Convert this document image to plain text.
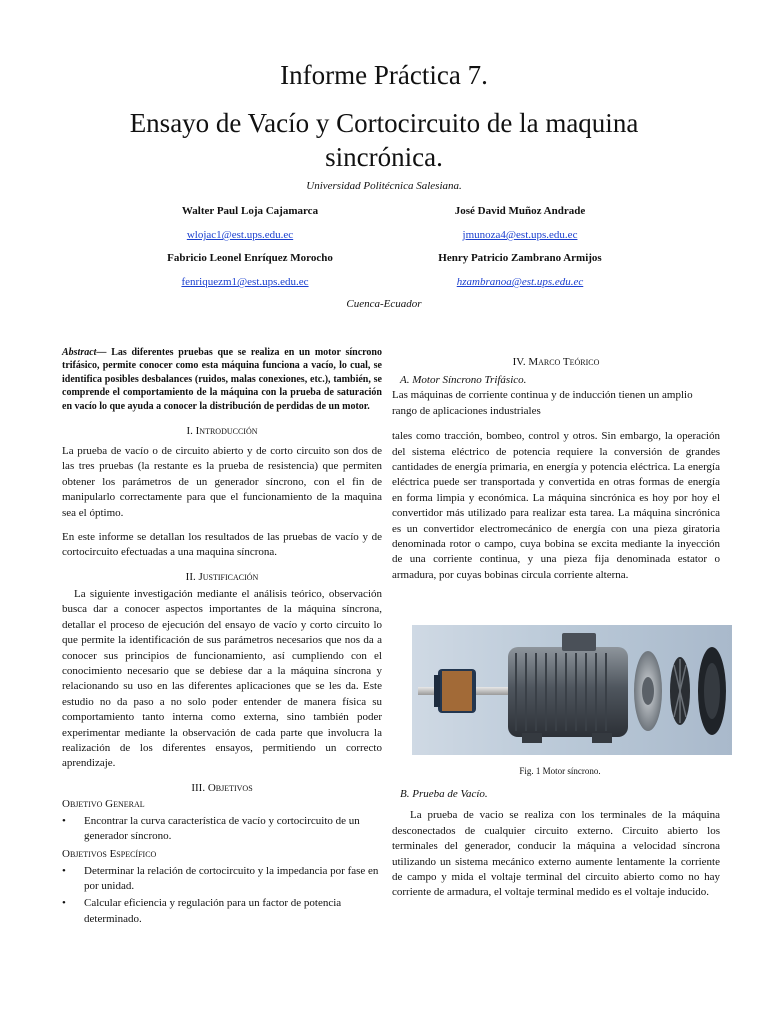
Informe Práctica 7.
Ensayo de Vacío y Cortocircuito de la maquina sincrónica.
Universidad Politécnica Salesiana.
Walter Paul Loja Cajamarca	José David Muñoz Andrade
wlojac1@est.ups.edu.ec	jmunoza4@est.ups.edu.ec
Fabricio Leonel Enríquez Morocho	Henry Patricio Zambrano Armijos
fenriquezm1@est.ups.edu.ec	hzambranoa@est.ups.edu.ec
Cuenca-Ecuador
Abstract— Las diferentes pruebas que se realiza en un motor síncrono trifásico, permite conocer como esta máquina funciona a vacío, lo cual, se identifica posibles desbalances (ruidos, malas conexiones, etc.), también, se comprende el comportamiento de la máquina con la prueba de saturación en vacío lo que ayuda a conocer la distribución de perdidas de un motor.
I. Introducción
La prueba de vacío o de circuito abierto y de corto circuito son dos de las tres pruebas (la restante es la prueba de resistencia) que permiten obtener los parámetros de un generador síncrono, con el fin de manipularlo correctamente para que el funcionamiento de la maquina sea el óptimo.
En este informe se detallan los resultados de las pruebas de vacío y de cortocircuito efectuadas a una maquina síncrona.
II. Justificación
La siguiente investigación mediante el análisis teórico, observación busca dar a conocer aspectos importantes de la máquina síncrona, detallar el proceso de ejecución del ensayo de vacío y corto circuito lo que permite la identificación de sus parámetros necesarios que nos da a conocer sus principios de funcionamiento, así cumpliendo con el conocimiento necesario que se debiese dar a la máquina síncrona y relacionando su uso en las diferentes aplicaciones que se les da. Este estudio no da paso a no solo poder entender de manera física su comportamiento tanto interna como externa, sino también poder experimentar mediante la observación de cada parte que involucra la realización de los diferentes ensayos, permitiendo un correcto aprendizaje.
III. Objetivos
Objetivo General
• Encontrar la curva característica de vacío y cortocircuito de un generador síncrono.
Objetivos Específico
• Determinar la relación de cortocircuito y la impedancia por fase en por unidad.
• Calcular eficiencia y regulación para un factor de potencia determinado.
IV. Marco Teórico
A. Motor Síncrono Trifásico.
Las máquinas de corriente continua y de inducción tienen un amplio rango de aplicaciones industriales
tales como tracción, bombeo, control y otros. Sin embargo, la operación del sistema eléctrico de potencia requiere la conversión de grandes cantidades de energía primaria, en energía y potencia eléctrica. La energía eléctrica puede ser transportada y convertida en otras formas de energía en forma limpia y económica. La máquina sincrónica es hoy por hoy el convertidor más utilizado para realizar esta tarea. La máquina sincrónica es un convertidor electromecánico de energía con una pieza giratoria denominada rotor o campo, cuya bobina se excita mediante la inyección de una corriente continua, y una pieza fija denominada estator o armadura, por cuyas bobinas circula corriente alterna.
Fig. 1 Motor síncrono.
B. Prueba de Vacío.
La prueba de vacio se realiza con los terminales de la máquina desconectados de cualquier circuito externo. Circuito abierto los terminales del generador, conducir la máquina a velocidad síncrona utilizando un sistema mecánico externo aumente lentamente la corriente de campo y mida el voltaje terminal del circuito abierto como no hay corriente de armadura, el voltaje terminal medido es el voltaje inducido.
